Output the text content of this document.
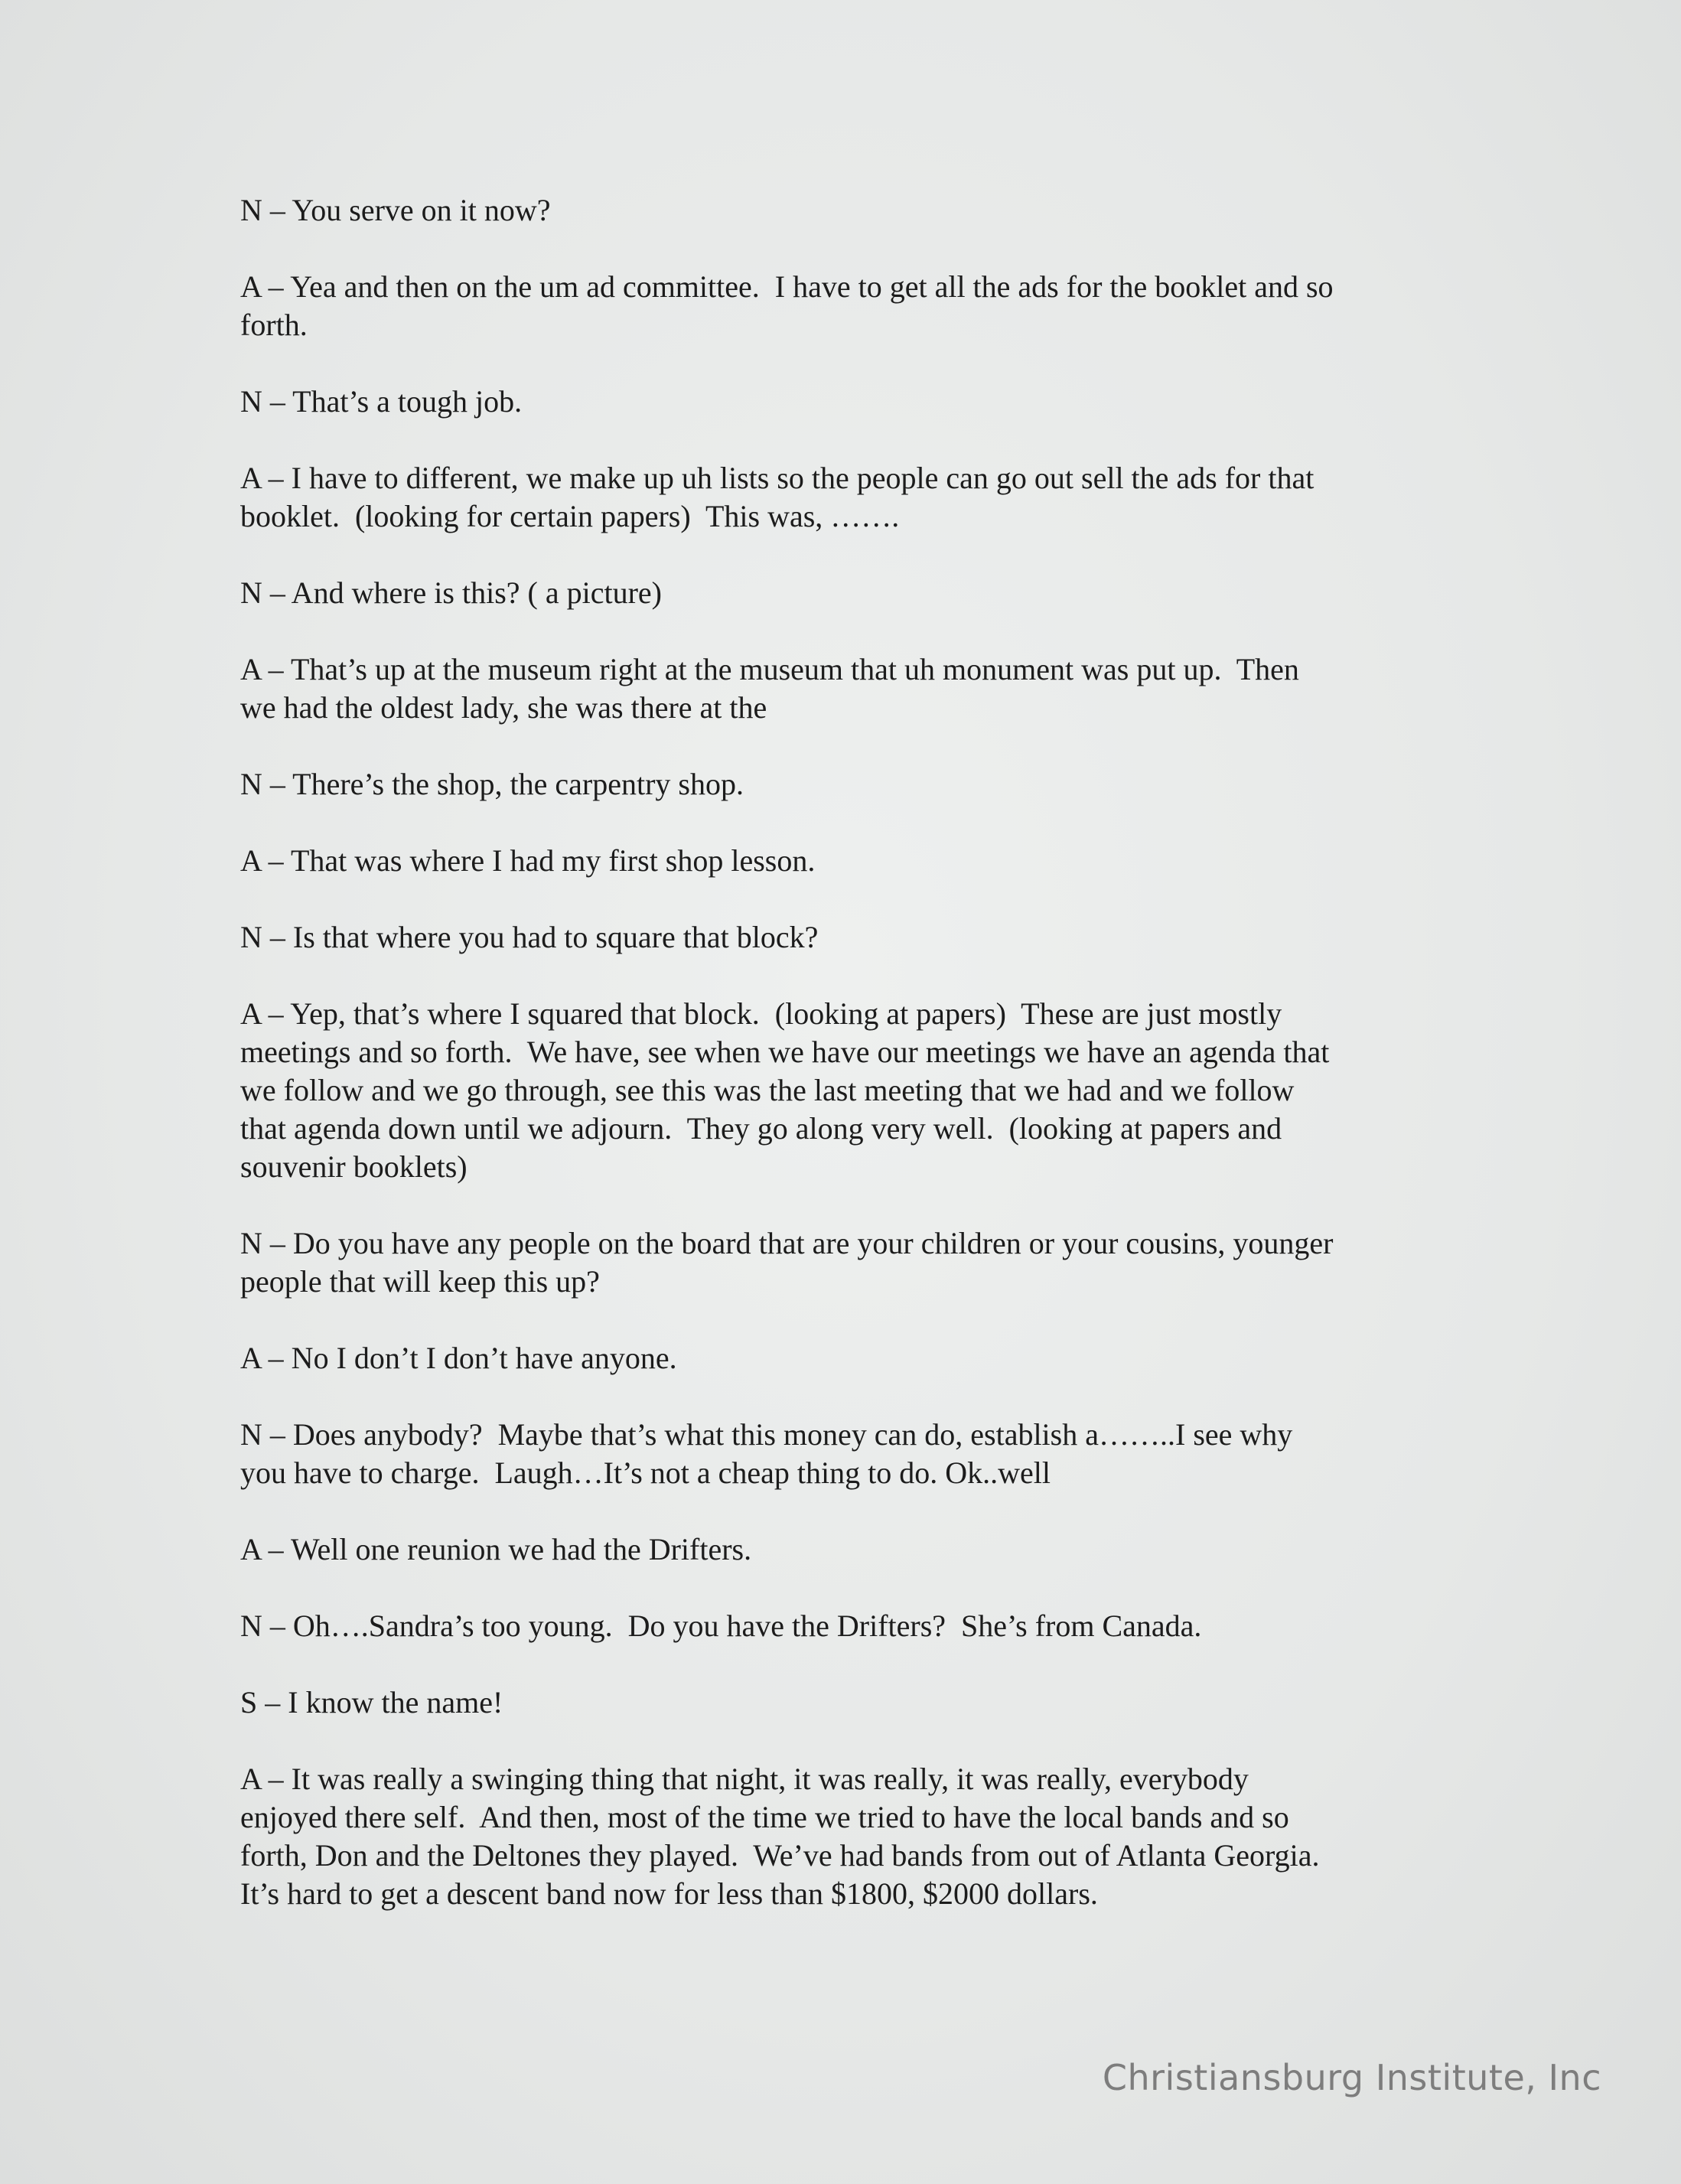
N – You serve on it now?
A – Yea and then on the um ad committee.  I have to get all the ads for the booklet and so
forth.
N – That’s a tough job.
A – I have to different, we make up uh lists so the people can go out sell the ads for that
booklet.  (looking for certain papers)  This was, …….
N – And where is this? ( a picture)
A – That’s up at the museum right at the museum that uh monument was put up.  Then
we had the oldest lady, she was there at the
N – There’s the shop, the carpentry shop.
A – That was where I had my first shop lesson.
N – Is that where you had to square that block?
A – Yep, that’s where I squared that block.  (looking at papers)  These are just mostly
meetings and so forth.  We have, see when we have our meetings we have an agenda that
we follow and we go through, see this was the last meeting that we had and we follow
that agenda down until we adjourn.  They go along very well.  (looking at papers and
souvenir booklets)
N – Do you have any people on the board that are your children or your cousins, younger
people that will keep this up?
A – No I don’t I don’t have anyone.
N – Does anybody?  Maybe that’s what this money can do, establish a……..I see why
you have to charge.  Laugh…It’s not a cheap thing to do. Ok..well
A – Well one reunion we had the Drifters.
N – Oh….Sandra’s too young.  Do you have the Drifters?  She’s from Canada.
S – I know the name!
A – It was really a swinging thing that night, it was really, it was really, everybody
enjoyed there self.  And then, most of the time we tried to have the local bands and so
forth, Don and the Deltones they played.  We’ve had bands from out of Atlanta Georgia.
It’s hard to get a descent band now for less than $1800, $2000 dollars.
Christiansburg Institute, Inc
